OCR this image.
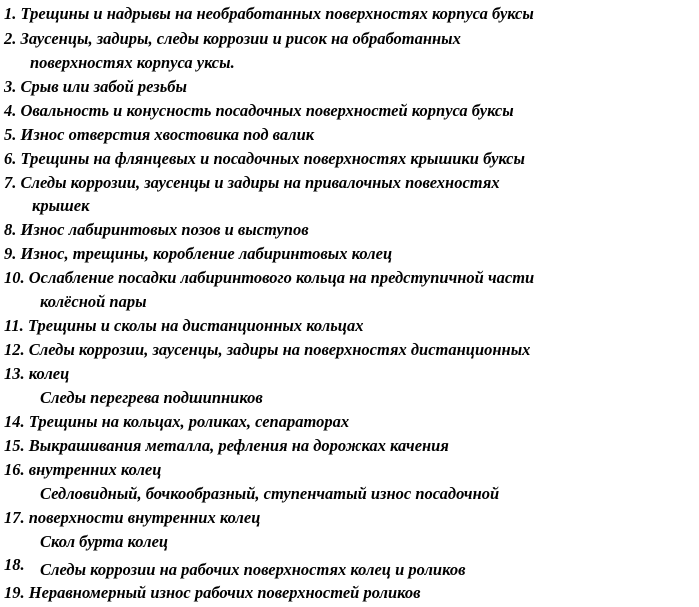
1. Трещины и надрывы на необработанных поверхностях корпуса буксы
2. Заусенцы, задиры, следы коррозии и рисок на обработанных
поверхностях корпуса уксы.
3. Срыв или забой резьбы
4. Овальность и конусность посадочных поверхностей корпуса буксы
5. Износ отверстия хвостовика под валик
6. Трещины на флянцевых и посадочных поверхностях крышики буксы
7. Следы коррозии, заусенцы и задиры на привалочных повехностях
крышек
8. Износ лабиринтовых позов и выступов
9. Износ, трещины, коробление лабиринтовых колец
10. Ослабление посадки лабиринтового кольца на предступичной части
колёсной пары
11. Трещины и сколы на дистанционных кольцах
12. Следы коррозии, заусенцы, задиры на поверхностях дистанционных
13. колец
Следы перегрева подшипников
14. Трещины на кольцах, роликах, сепараторах
15. Выкрашивания металла, рефления на дорожках качения
16. внутренних колец
Седловидный, бочкообразный, ступенчатый износ посадочной
17. поверхности внутренних колец
Скол бурта колец
18. Следы коррозии на рабочих поверхностях колец и роликов
19. Неравномерный износ рабочих поверхностей роликов
